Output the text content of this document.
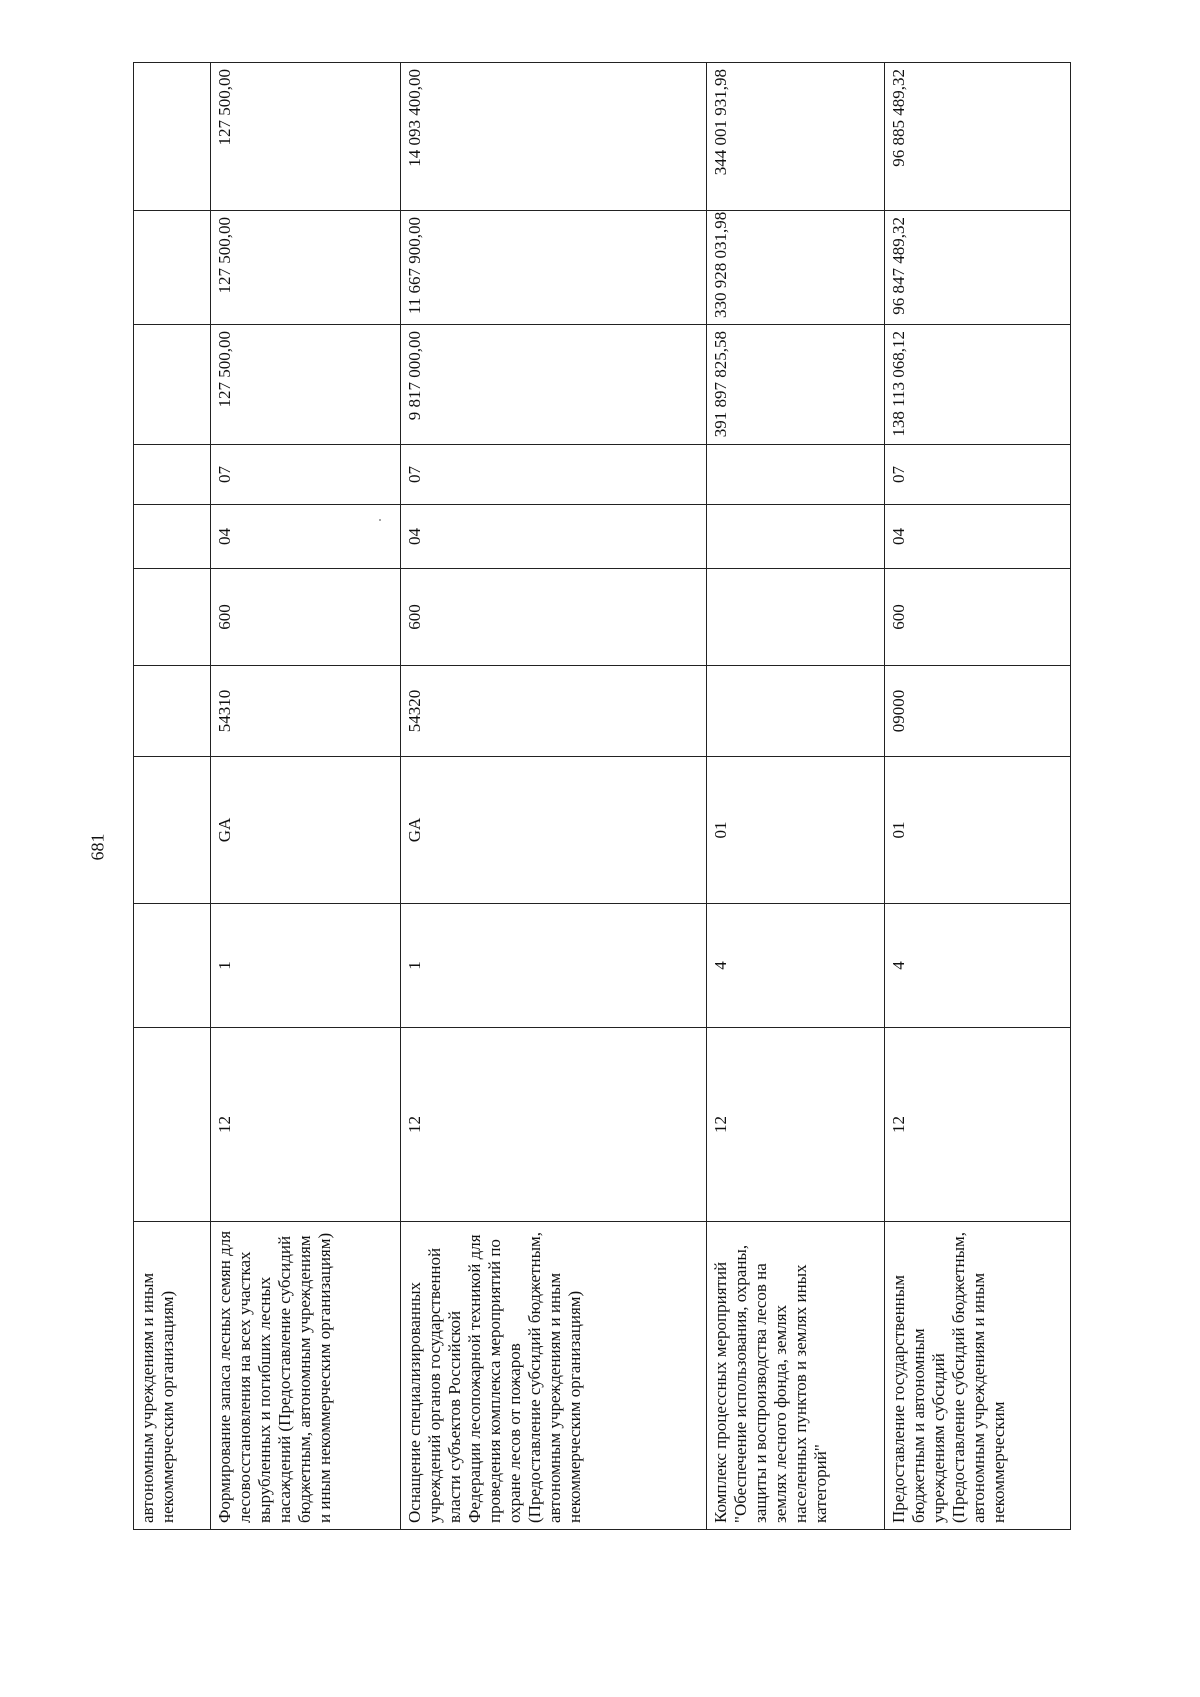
681
автономным учреждениям и иным некоммерческим организациям)										
Формирование запаса лесных семян для лесовосстановления на всех участках вырубленных и погибших лесных насаждений (Предоставление субсидий бюджетным, автономным учреждениям и иным некоммерческим организациям)	12	1	GA	54310	600	04	07	127 500,00	127 500,00	127 500,00
Оснащение специализированных учреждений органов государственной власти субъектов Российской Федерации лесопожарной техникой для проведения комплекса мероприятий по охране лесов от пожаров (Предоставление субсидий бюджетным, автономным учреждениям и иным некоммерческим организациям)	12	1	GA	54320	600	04	07	9 817 000,00	11 667 900,00	14 093 400,00
Комплекс процессных мероприятий "Обеспечение использования, охраны, защиты и воспроизводства лесов на землях лесного фонда, землях населенных пунктов и землях иных категорий"	12	4	01					391 897 825,58	330 928 031,98	344 001 931,98
Предоставление государственным бюджетным и автономным учреждениям субсидий (Предоставление субсидий бюджетным, автономным учреждениям и иным некоммерческим	12	4	01	09000	600	04	07	138 113 068,12	96 847 489,32	96 885 489,32
